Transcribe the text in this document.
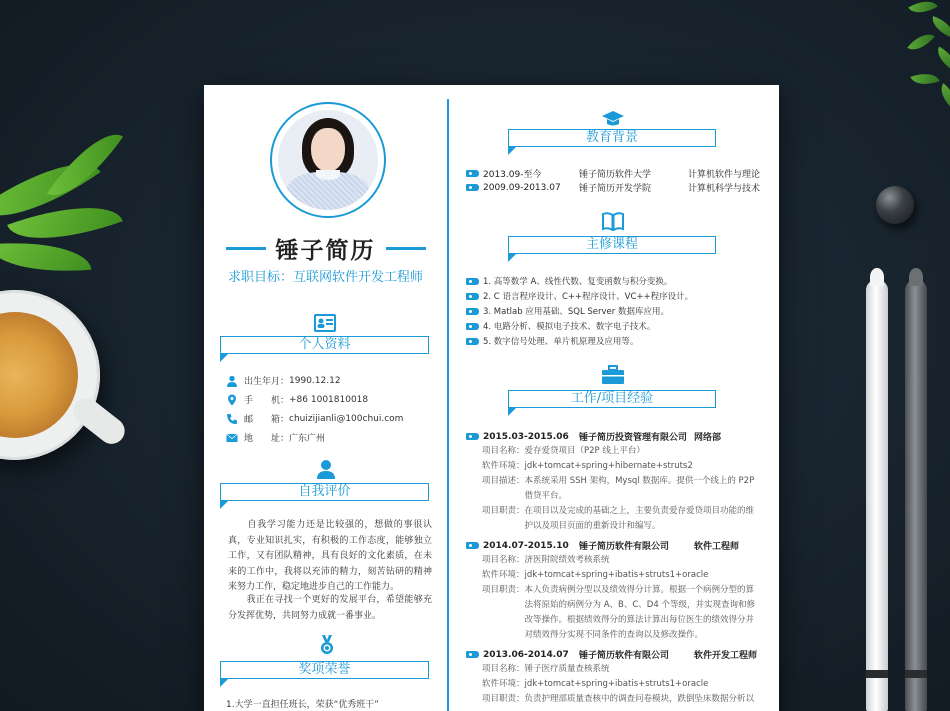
锤子简历
求职目标：互联网软件开发工程师
个人资料
出生年月： 1990.12.12
手　　机： +86 1001810018
邮　　箱： chuizijianli@100chui.com
地　　址： 广东广州
自我评价
　　自我学习能力还是比较强的，想做的事很认真，专业知识扎实，有积极的工作态度，能够独立工作，又有团队精神，具有良好的文化素质，在未来的工作中，我将以充沛的精力，刻苦钻研的精神来努力工作，稳定地进步自己的工作能力。
　　我正在寻找一个更好的发展平台，希望能够充分发挥优势，共同努力成就一番事业。
奖项荣誉
1.大学一直担任班长，荣获“优秀班干”
教育背景
2013.09-至今	锤子简历软件大学	计算机软件与理论
2009.09-2013.07	锤子简历开发学院	计算机科学与技术
主修课程
1. 高等数学 A、线性代数、复变函数与积分变换。
2. C 语言程序设计、C++程序设计、VC++程序设计。
3. Matlab 应用基础、SQL Server 数据库应用。
4. 电路分析、模拟电子技术、数字电子技术。
5. 数字信号处理、单片机原理及应用等。
工作/项目经验
2015.03-2015.06	锤子简历投资管理有限公司 网络部
项目名称：爱存爱贷项目（P2P 线上平台）
软件环境：jdk+tomcat+spring+hibernate+struts2
项目描述：本系统采用 SSH 架构，Mysql 数据库。提供一个线上的 P2P
　　　　　借贷平台。
项目职责：在项目以及完成的基础之上，主要负责爱存爱贷项目功能的维
　　　　　护以及项目页面的重新设计和编写。
2014.07-2015.10	锤子简历软件有限公司	软件工程师
项目名称：济医附院绩效考核系统
软件环境：jdk+tomcat+spring+ibatis+struts1+oracle
项目职责：本人负责病例分型以及绩效得分计算。根据一个病例分型的算
　　　　　法将原始的病例分为 A、B、C、D4 个等级，并实现查询和修
　　　　　改等操作。根据绩效得分的算法计算出每位医生的绩效得分并
　　　　　对绩效得分实现不同条件的查询以及修改操作。
2013.06-2014.07	锤子简历软件有限公司	软件开发工程师
项目名称：锤子医疗质量查核系统
软件环境：jdk+tomcat+spring+ibatis+struts1+oracle
项目职责：负责护理部质量查核中的调查问卷模块，跌倒坠床数据分析以
